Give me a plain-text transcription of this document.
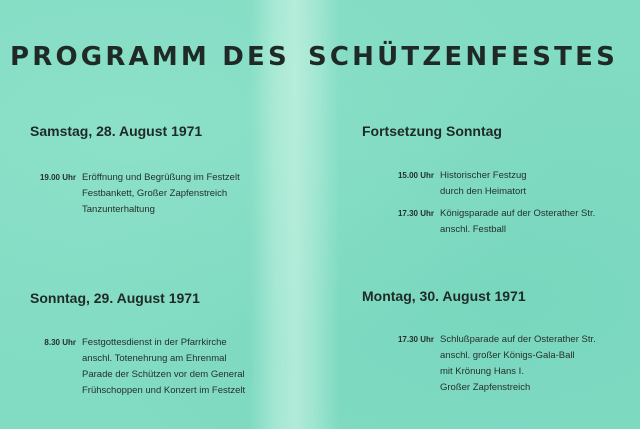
PROGRAMM DES SCHÜTZENFESTES
Samstag, 28. August 1971
19.00 Uhr Eröffnung und Begrüßung im Festzelt
Festbankett, Großer Zapfenstreich
Tanzunterhaltung
Fortsetzung Sonntag
15.00 Uhr Historischer Festzug
durch den Heimatort
17.30 Uhr Königsparade auf der Osterather Str.
anschl. Festball
Sonntag, 29. August 1971
8.30 Uhr Festgottesdienst in der Pfarrkirche
anschl. Totenehrung am Ehrenmal
Parade der Schützen vor dem General
Frühschoppen und Konzert im Festzelt
Montag, 30. August 1971
17.30 Uhr Schlußparade auf der Osterather Str.
anschl. großer Königs-Gala-Ball
mit Krönung Hans I.
Großer Zapfenstreich
